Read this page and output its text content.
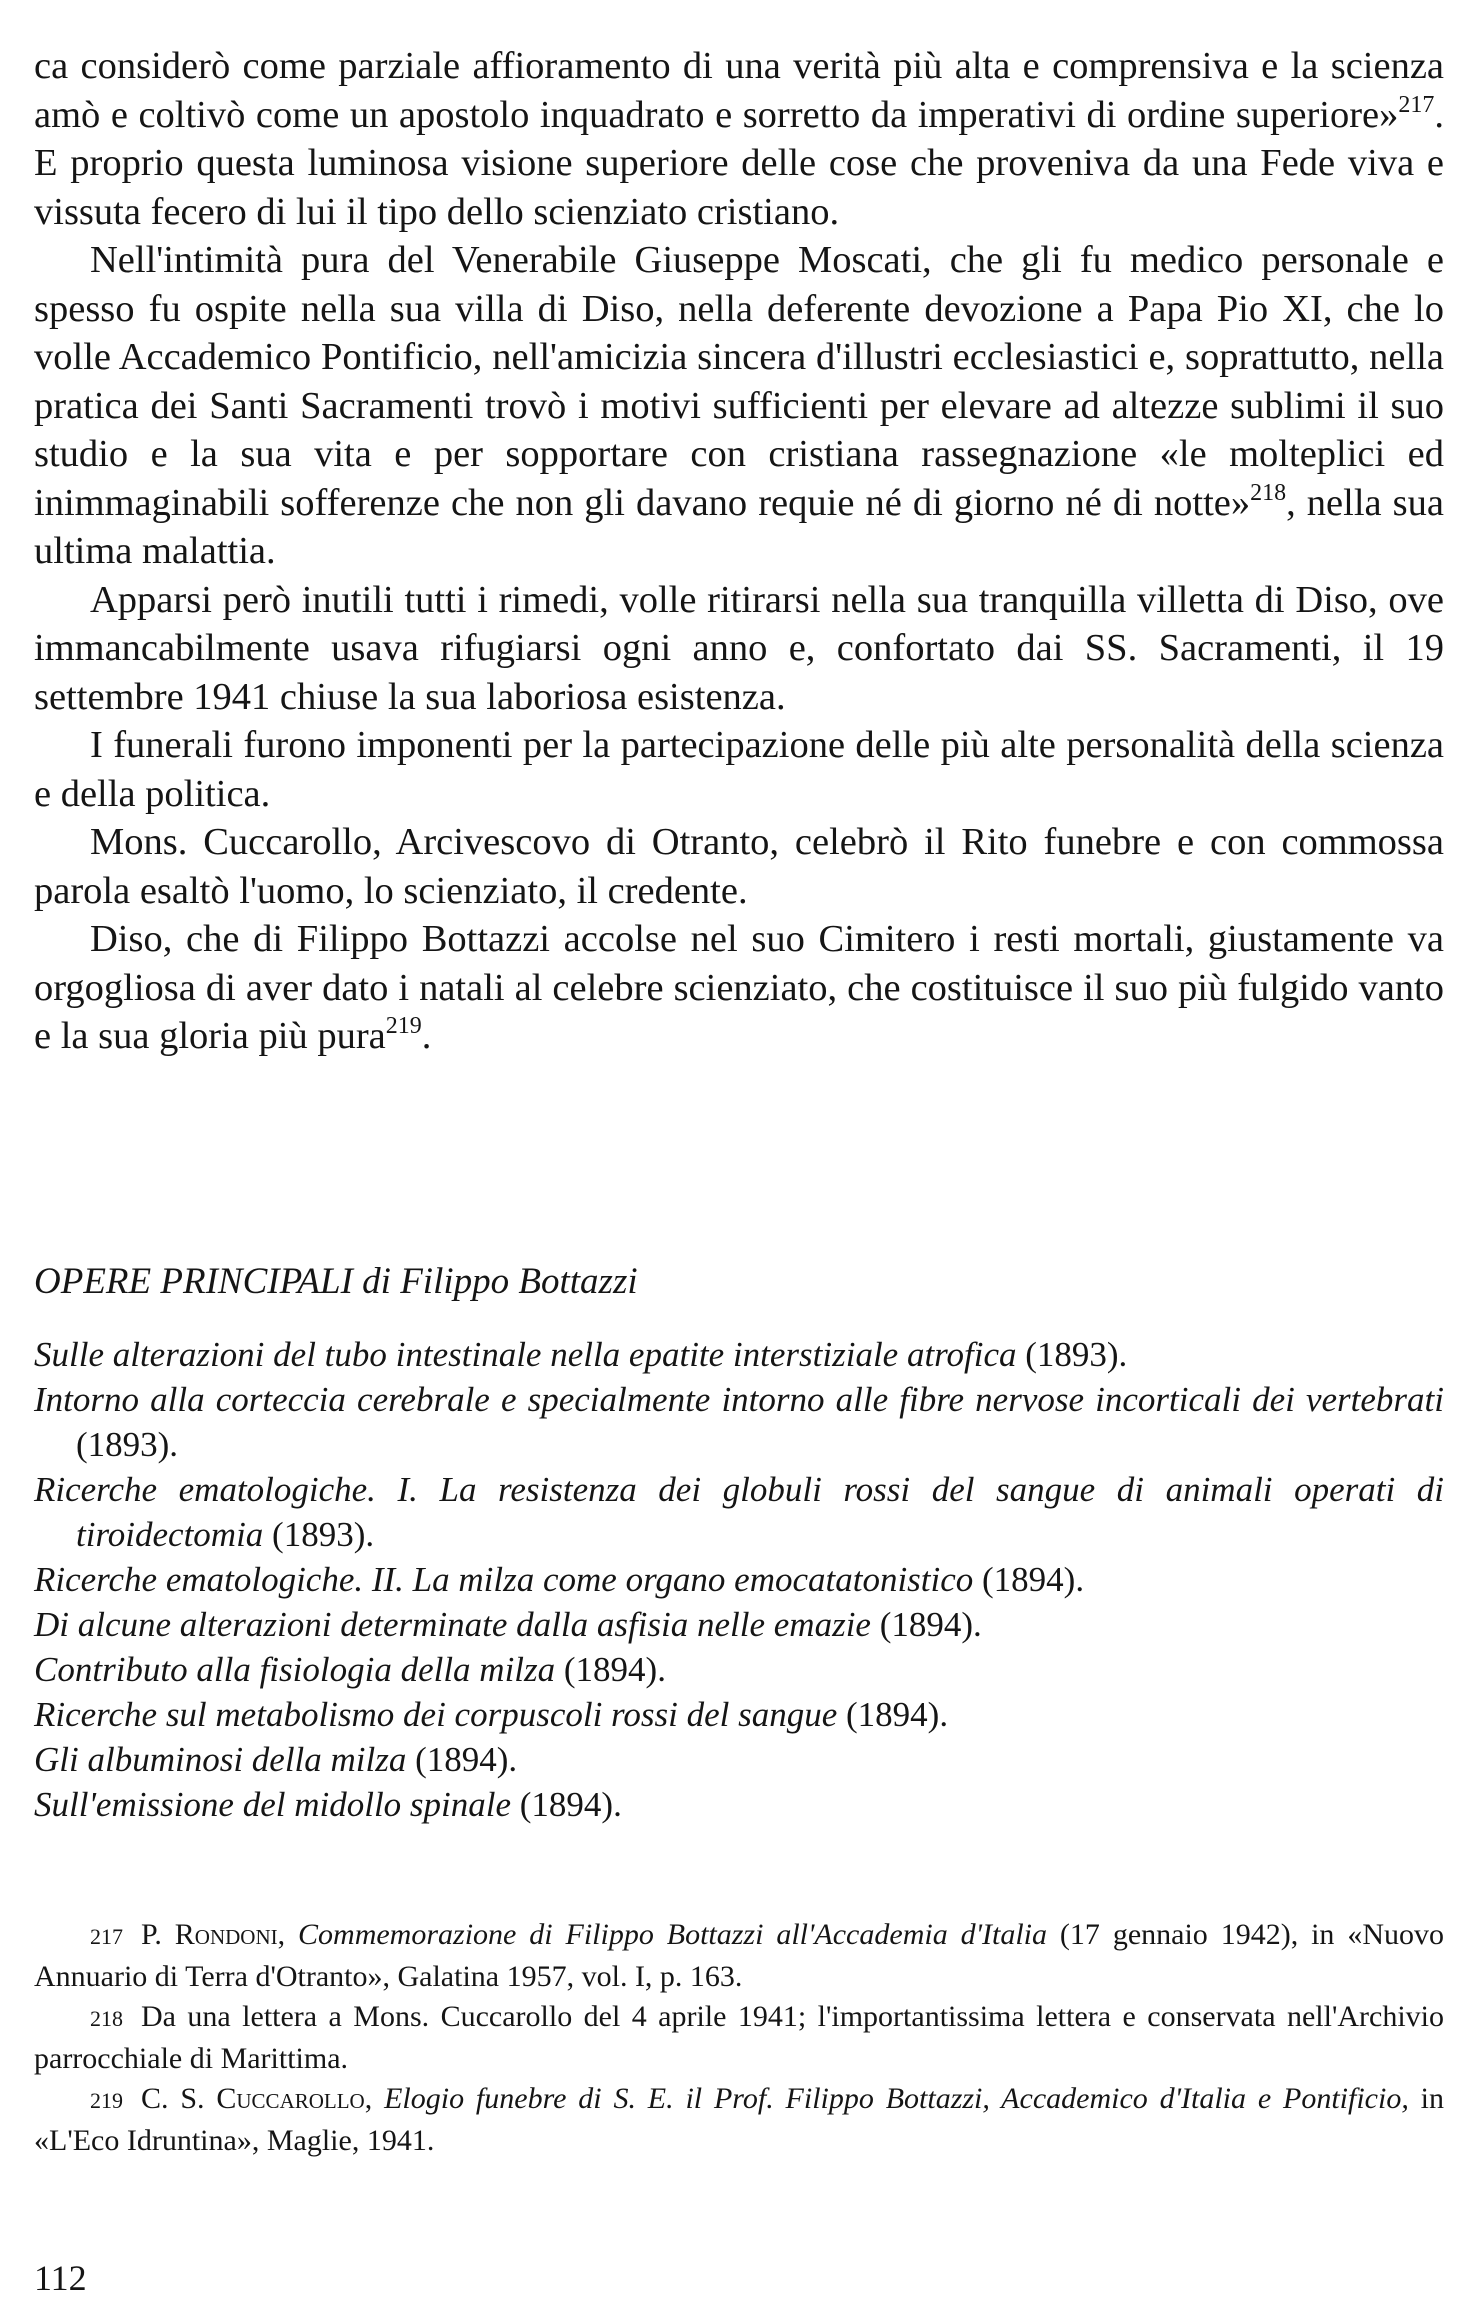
ca considerò come parziale affioramento di una verità più alta e comprensiva e la scienza amò e coltivò come un apostolo inquadrato e sorretto da imperativi di ordine superiore»$^{217}$. E proprio questa luminosa visione superiore delle cose che proveniva da una Fede viva e vissuta fecero di lui il tipo dello scienziato cristiano.

Nell'intimità pura del Venerabile Giuseppe Moscati, che gli fu medico personale e spesso fu ospite nella sua villa di Diso, nella deferente devozione a Papa Pio XI, che lo volle Accademico Pontificio, nell'amicizia sincera d'illustri ecclesiastici e, soprattutto, nella pratica dei Santi Sacramenti trovò i motivi sufficienti per elevare ad altezze sublimi il suo studio e la sua vita e per sopportare con cristiana rassegnazione «le molteplici ed inimmaginabili sofferenze che non gli davano requie né di giorno né di notte»$^{218}$, nella sua ultima malattia.

Apparsi però inutili tutti i rimedi, volle ritirarsi nella sua tranquilla villetta di Diso, ove immancabilmente usava rifugiarsi ogni anno e, confortato dai SS. Sacramenti, il 19 settembre 1941 chiuse la sua laboriosa esistenza.

I funerali furono imponenti per la partecipazione delle più alte personalità della scienza e della politica.

Mons. Cuccarollo, Arcivescovo di Otranto, celebrò il Rito funebre e con commossa parola esaltò l'uomo, lo scienziato, il credente.

Diso, che di Filippo Bottazzi accolse nel suo Cimitero i resti mortali, giustamente va orgogliosa di aver dato i natali al celebre scienziato, che costituisce il suo più fulgido vanto e la sua gloria più pura$^{219}$.

OPERE PRINCIPALI di Filippo Bottazzi
Sulle alterazioni del tubo intestinale nella epatite interstiziale atrofica (1893).
Intorno alla corteccia cerebrale e specialmente intorno alle fibre nervose incorticali dei vertebrati (1893).
Ricerche ematologiche. I. La resistenza dei globuli rossi del sangue di animali operati di tiroidectomia (1893).
Ricerche ematologiche. II. La milza come organo emocatatonistico (1894).
Di alcune alterazioni determinate dalla asfisia nelle emazie (1894).
Contributo alla fisiologia della milza (1894).
Ricerche sul metabolismo dei corpuscoli rossi del sangue (1894).
Gli albuminosi della milza (1894).
Sull'emissione del midollo spinale (1894).

217 P. Rondoni, Commemorazione di Filippo Bottazzi all'Accademia d'Italia (17 gennaio 1942), in «Nuovo Annuario di Terra d'Otranto», Galatina 1957, vol. I, p. 163.

218 Da una lettera a Mons. Cuccarollo del 4 aprile 1941; l'importantissima lettera e conservata nell'Archivio parrocchiale di Marittima.

219 C. S. Cuccarollo, Elogio funebre di S. E. il Prof. Filippo Bottazzi, Accademico d'Italia e Pontificio, in «L'Eco Idruntina», Maglie, 1941.

112
